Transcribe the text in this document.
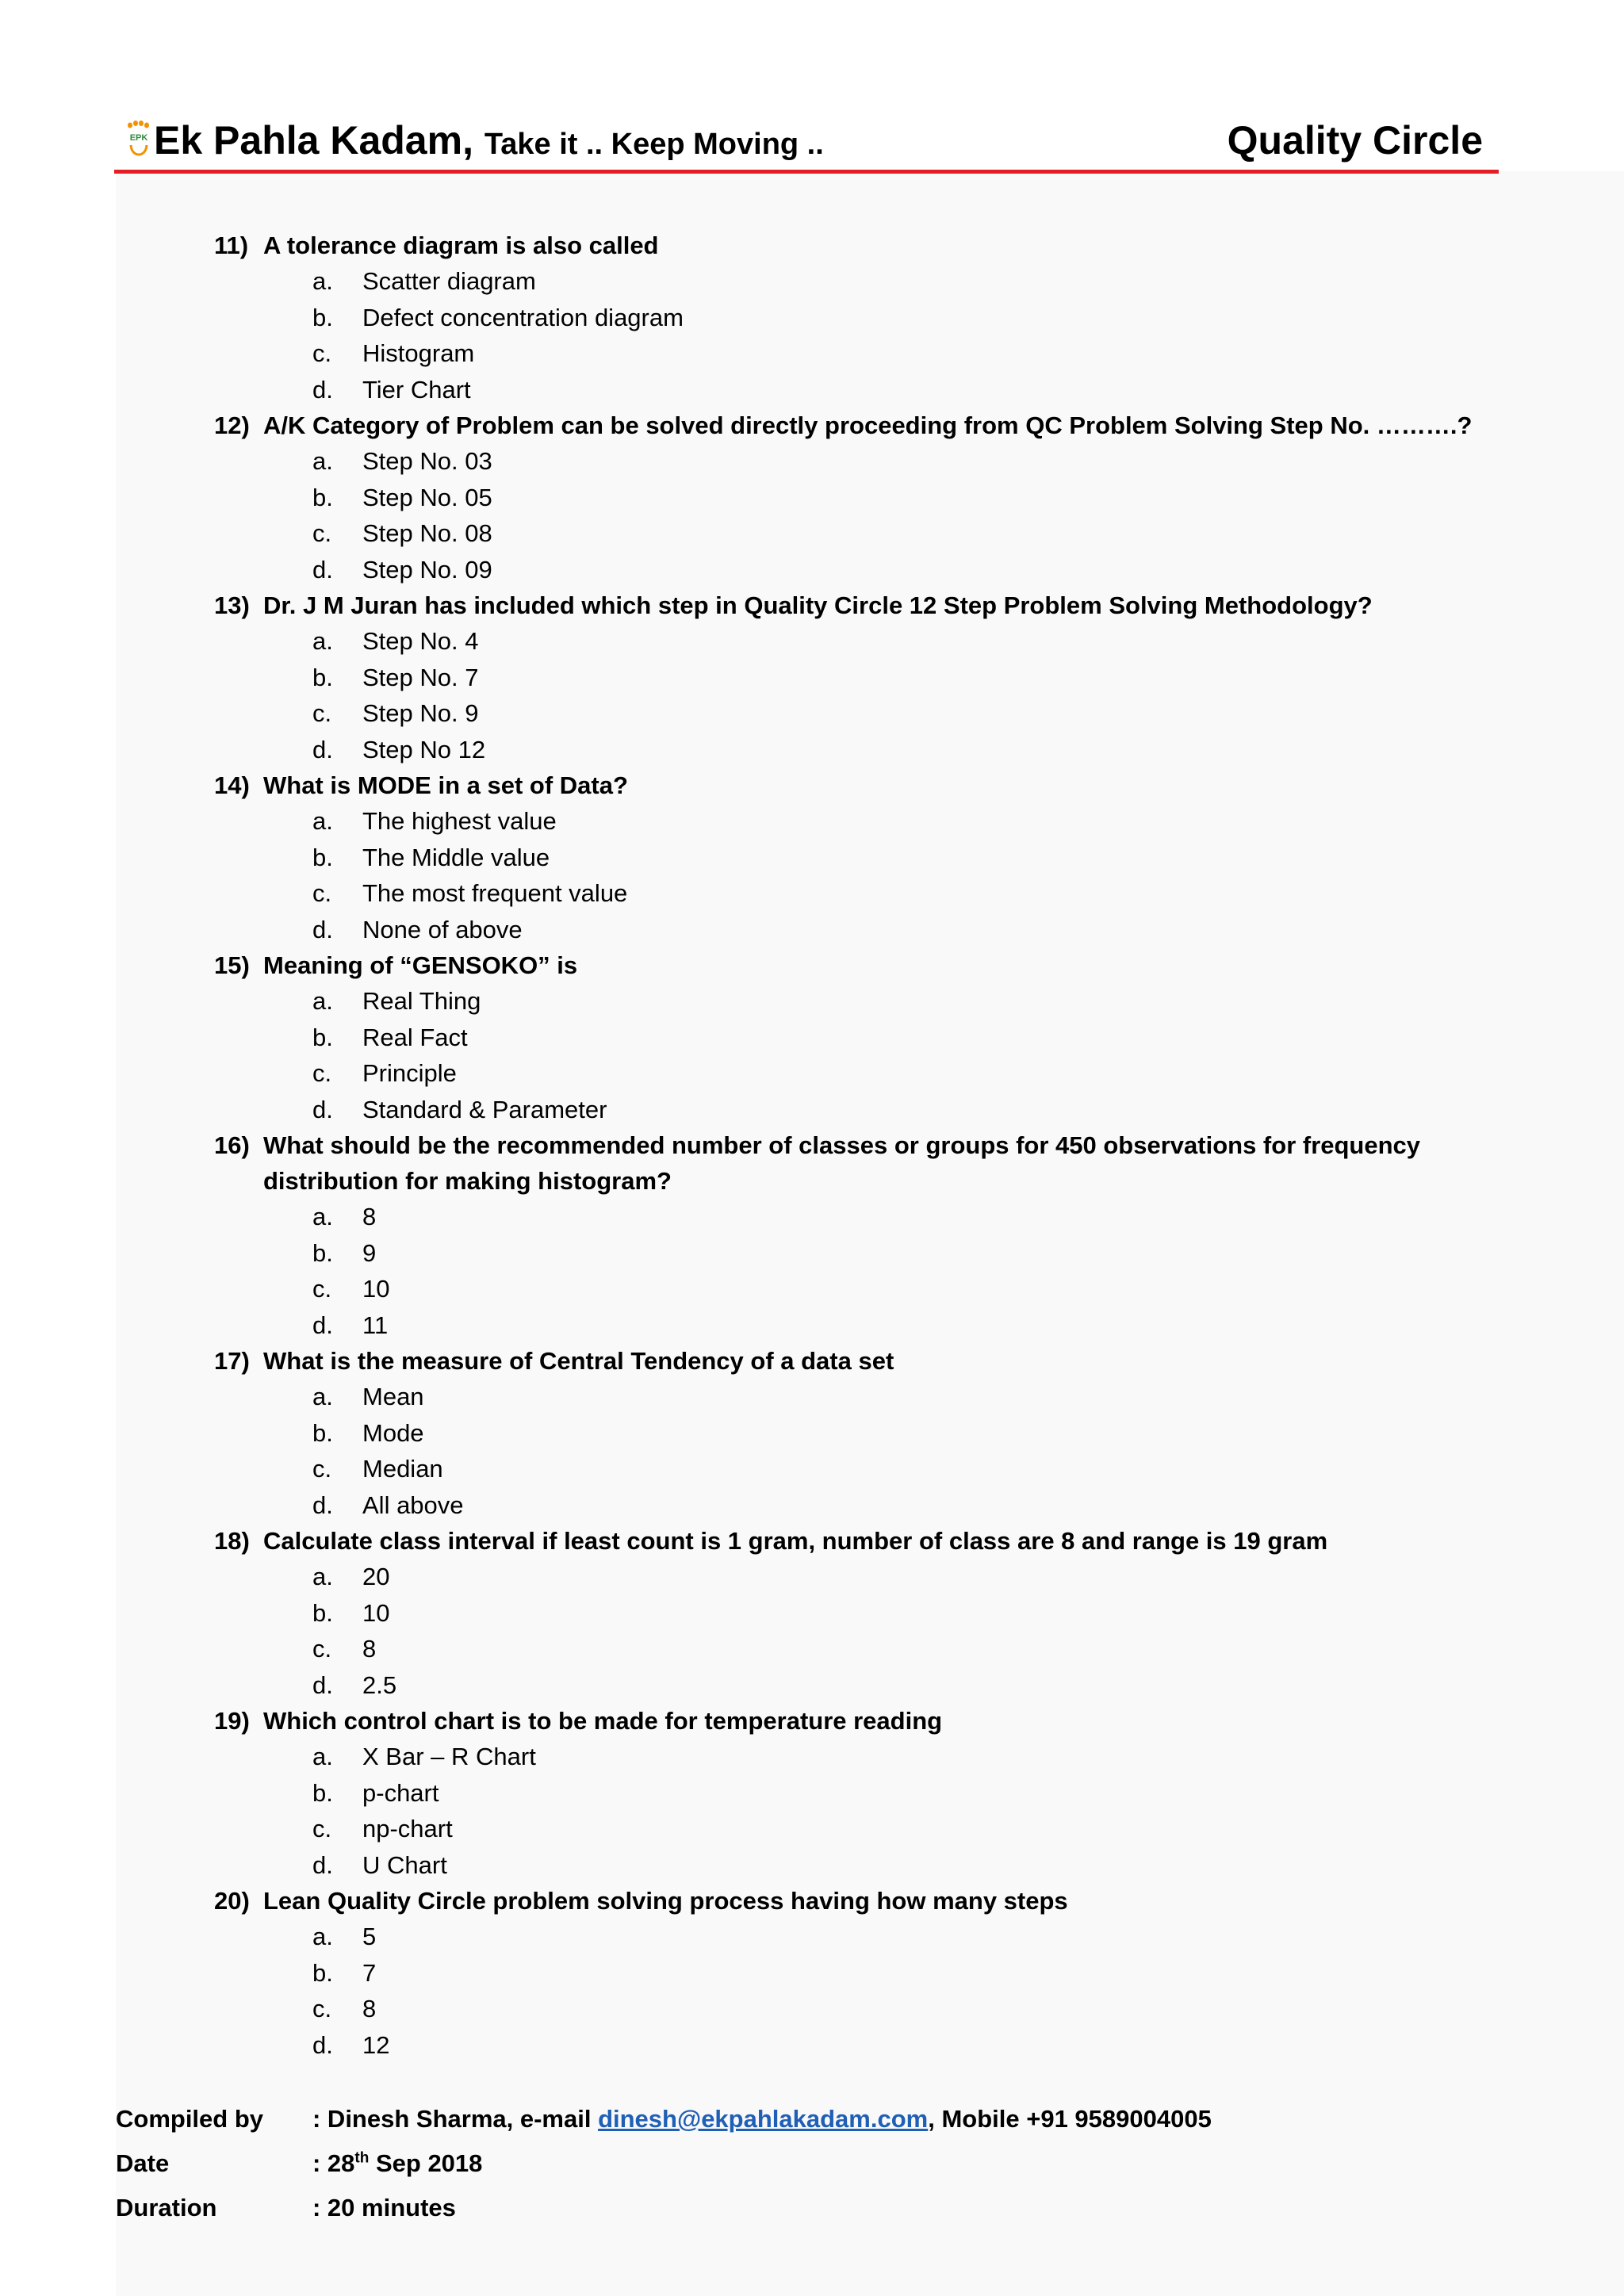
EPK Ek Pahla Kadam, Take it .. Keep Moving ..	Quality Circle
11) A tolerance diagram is also called
a.	Scatter diagram
b.	Defect concentration diagram
c.	Histogram
d.	Tier Chart
12) A/K Category of Problem can be solved directly proceeding from QC Problem Solving Step No. ……….?
a.	Step No. 03
b.	Step No. 05
c.	Step No. 08
d.	Step No. 09
13) Dr. J M Juran has included which step in Quality Circle 12 Step Problem Solving Methodology?
a.	Step No. 4
b.	Step No. 7
c.	Step No. 9
d.	Step No 12
14) What is MODE in a set of Data?
a.	The highest value
b.	The Middle value
c.	The most frequent value
d.	None of above
15) Meaning of “GENSOKO” is
a.	Real Thing
b.	Real Fact
c.	Principle
d.	Standard & Parameter
16) What should be the recommended number of classes or groups for 450 observations for frequency distribution for making histogram?
a.	8
b.	9
c.	10
d.	11
17) What is the measure of Central Tendency of a data set
a.	Mean
b.	Mode
c.	Median
d.	All above
18) Calculate class interval if least count is 1 gram, number of class are 8 and range is 19 gram
a.	20
b.	10
c.	8
d.	2.5
19) Which control chart is to be made for temperature reading
a.	X Bar – R Chart
b.	p-chart
c.	np-chart
d.	U Chart
20) Lean Quality Circle problem solving process having how many steps
a.	5
b.	7
c.	8
d.	12
Compiled by	: Dinesh Sharma, e-mail dinesh@ekpahlakadam.com, Mobile +91 9589004005
Date	: 28th Sep 2018
Duration	: 20 minutes
